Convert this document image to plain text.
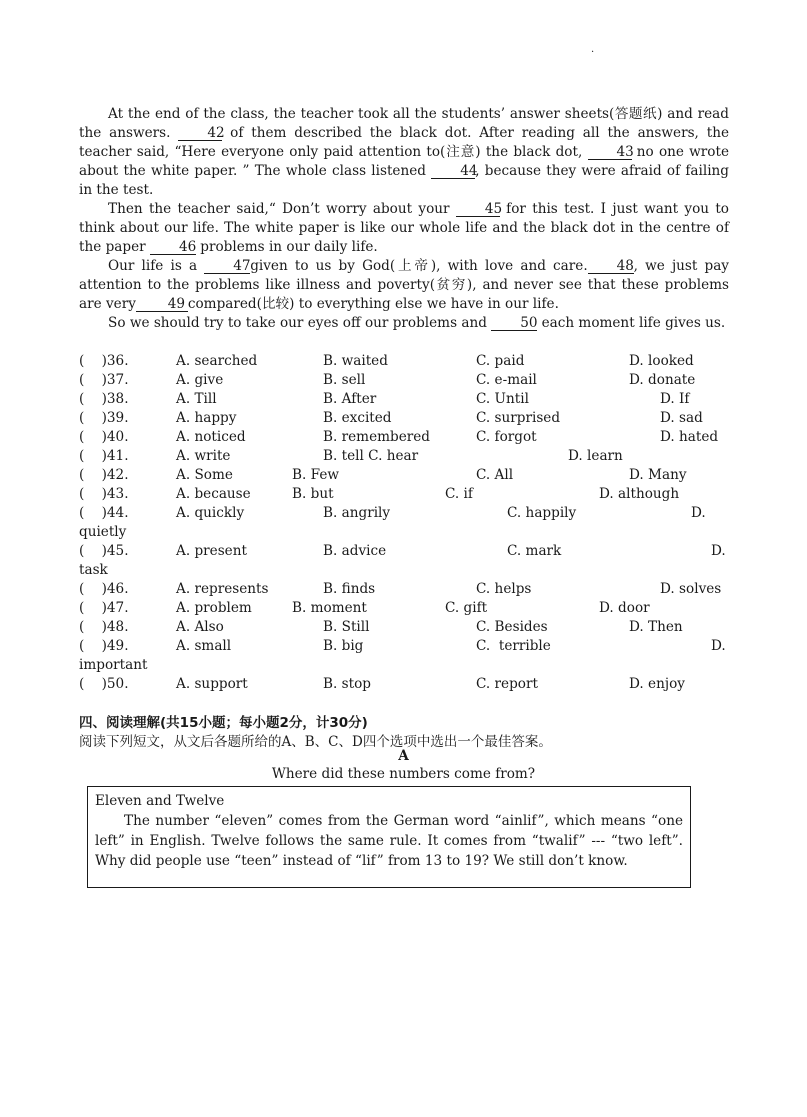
.

At the end of the class, the teacher took all the students’ answer sheets(答题纸) and read the answers. 42 of them described the black dot. After reading all the answers, the teacher said, “Here everyone only paid attention to(注意) the black dot, 43 no one wrote about the white paper. ” The whole class listened 44, because they were afraid of failing in the test.

Then the teacher said,“ Don’t worry about your 45 for this test. I just want you to think about our life. The white paper is like our whole life and the black dot in the centre of the paper 46 problems in our daily life.

Our life is a 47given to us by God(上帝), with love and care. 48, we just pay attention to the problems like illness and poverty(贫穷), and never see that these problems are very 49 compared(比较) to everything else we have in our life.

So we should try to take our eyes off our problems and 50 each moment life gives us.

(    )36.	A. searched	B. waited	C. paid	D. looked
(    )37.	A. give	B. sell	C. e-mail	D. donate
(    )38.	A. Till	B. After	C. Until	D. If
(    )39.	A. happy	B. excited	C. surprised	D. sad
(    )40.	A. noticed	B. remembered	C. forgot	D. hated
(    )41.	A. write	B. tell C. hear	D. learn
(    )42.	A. Some	B. Few	C. All	D. Many
(    )43.	A. because	B. but	C. if	D. although
(    )44.	A. quickly	B. angrily	C. happily	D.
quietly
(    )45.	A. present	B. advice	C. mark	D.
task
(    )46.	A. represents	B. finds	C. helps	D. solves
(    )47.	A. problem	B. moment	C. gift	D. door
(    )48.	A. Also	B. Still	C. Besides	D. Then
(    )49.	A. small	B. big	C.  terrible	D.
important
(    )50.	A. support	B. stop	C. report	D. enjoy
四、阅读理解(共15小题；每小题2分，计30分)
阅读下列短文，从文后各题所给的A、B、C、D四个选项中选出一个最佳答案。
A
Where did these numbers come from?

Eleven and Twelve

The number “eleven” comes from the German word “ainlif”, which means “one left” in English. Twelve follows the same rule. It comes from “twalif” --- “two left”. Why did people use “teen” instead of “lif” from 13 to 19? We still don’t know.
